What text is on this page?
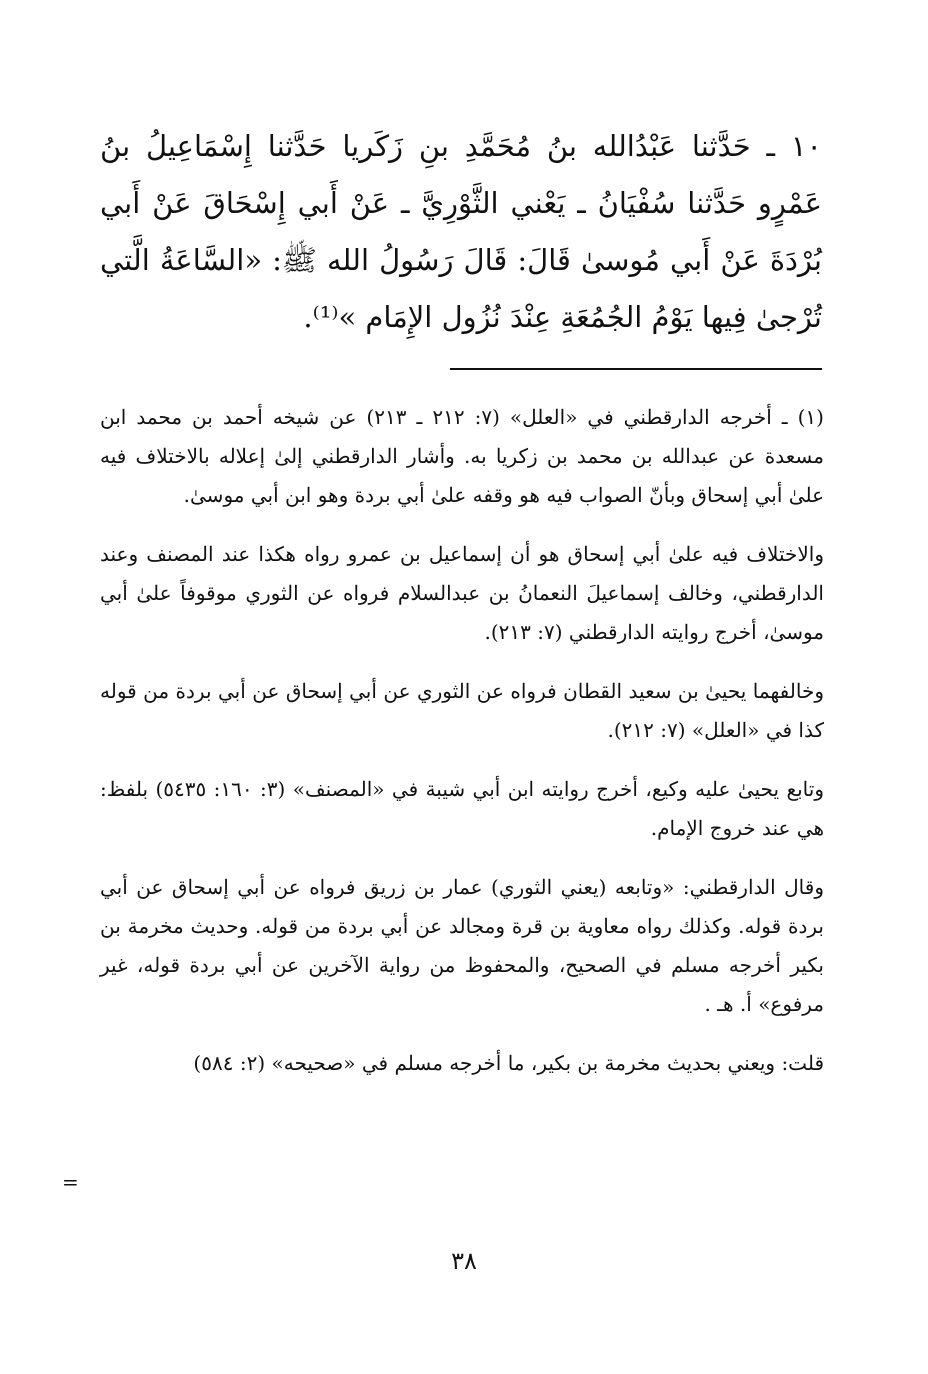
١٠ ـ حَدَّثنا عَبْدُالله بنُ مُحَمَّدِ بنِ زَكَريا حَدَّثنا إِسْمَاعِيلُ بنُ عَمْرٍو حَدَّثنا سُفْيَانُ ـ يَعْني الثَّوْرِيَّ ـ عَنْ أَبي إِسْحَاقَ عَنْ أَبي بُرْدَةَ عَنْ أَبي مُوسىٰ قَالَ: قَالَ رَسُولُ الله ﷺ: «السَّاعَةُ الَّتي تُرْجىٰ فِيها يَوْمُ الجُمُعَةِ عِنْدَ نُزُول الإِمَام »⁽¹⁾.

(١) ـ أخرجه الدارقطني في «العلل» (٧: ٢١٢ ـ ٢١٣) عن شيخه أحمد بن محمد ابن مسعدة عن عبدالله بن محمد بن زكريا به. وأشار الدارقطني إلىٰ إعلاله بالاختلاف فيه علىٰ أبي إسحاق وبأنّ الصواب فيه هو وقفه علىٰ أبي بردة وهو ابن أبي موسىٰ.

والاختلاف فيه علىٰ أبي إسحاق هو أن إسماعيل بن عمرو رواه هكذا عند المصنف وعند الدارقطني، وخالف إسماعيلَ النعمانُ بن عبدالسلام فرواه عن الثوري موقوفاً علىٰ أبي موسىٰ، أخرج روايته الدارقطني (٧: ٢١٣).

وخالفهما يحيىٰ بن سعيد القطان فرواه عن الثوري عن أبي إسحاق عن أبي بردة من قوله كذا في «العلل» (٧: ٢١٢).

وتابع يحيىٰ عليه وكيع، أخرج روايته ابن أبي شيبة في «المصنف» (٣: ١٦٠: ٥٤٣٥) بلفظ: هي عند خروج الإمام.

وقال الدارقطني: «وتابعه (يعني الثوري) عمار بن زريق فرواه عن أبي إسحاق عن أبي بردة قوله. وكذلك رواه معاوية بن قرة ومجالد عن أبي بردة من قوله. وحديث مخرمة بن بكير أخرجه مسلم في الصحيح، والمحفوظ من رواية الآخرين عن أبي بردة قوله، غير مرفوع» أ. هـ .

قلت: ويعني بحديث مخرمة بن بكير، ما أخرجه مسلم في «صحيحه» (٢: ٥٨٤)

=
٣٨
